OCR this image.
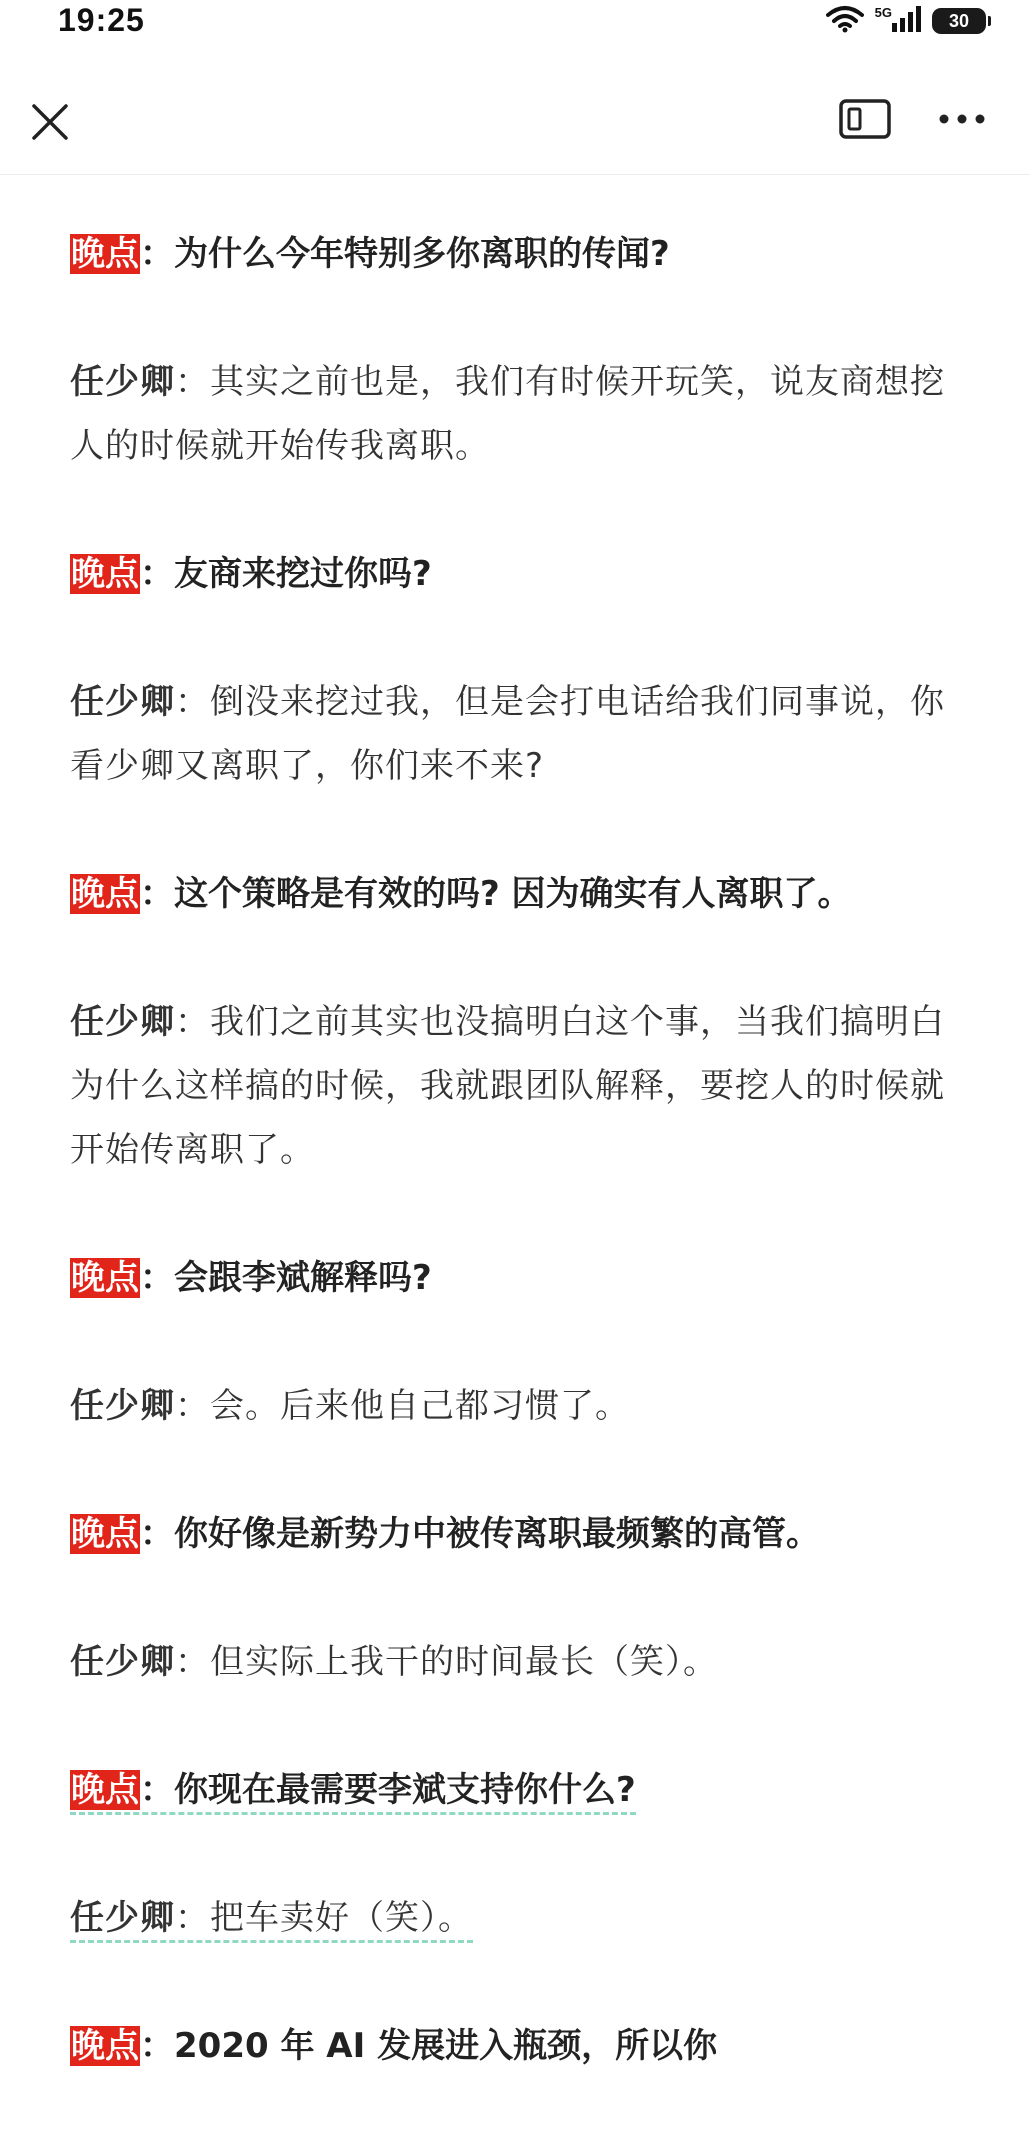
19:25	5G	30

晚点：为什么今年特别多你离职的传闻?

任少卿：其实之前也是，我们有时候开玩笑，说友商想挖人的时候就开始传我离职。

晚点：友商来挖过你吗?

任少卿：倒没来挖过我，但是会打电话给我们同事说，你看少卿又离职了，你们来不来?

晚点：这个策略是有效的吗? 因为确实有人离职了。

任少卿：我们之前其实也没搞明白这个事，当我们搞明白为什么这样搞的时候，我就跟团队解释，要挖人的时候就开始传离职了。

晚点：会跟李斌解释吗?

任少卿：会。后来他自己都习惯了。

晚点：你好像是新势力中被传离职最频繁的高管。

任少卿：但实际上我干的时间最长（笑）。

晚点：你现在最需要李斌支持你什么?

任少卿：把车卖好（笑）。

晚点：2020 年 AI 发展进入瓶颈，所以你
